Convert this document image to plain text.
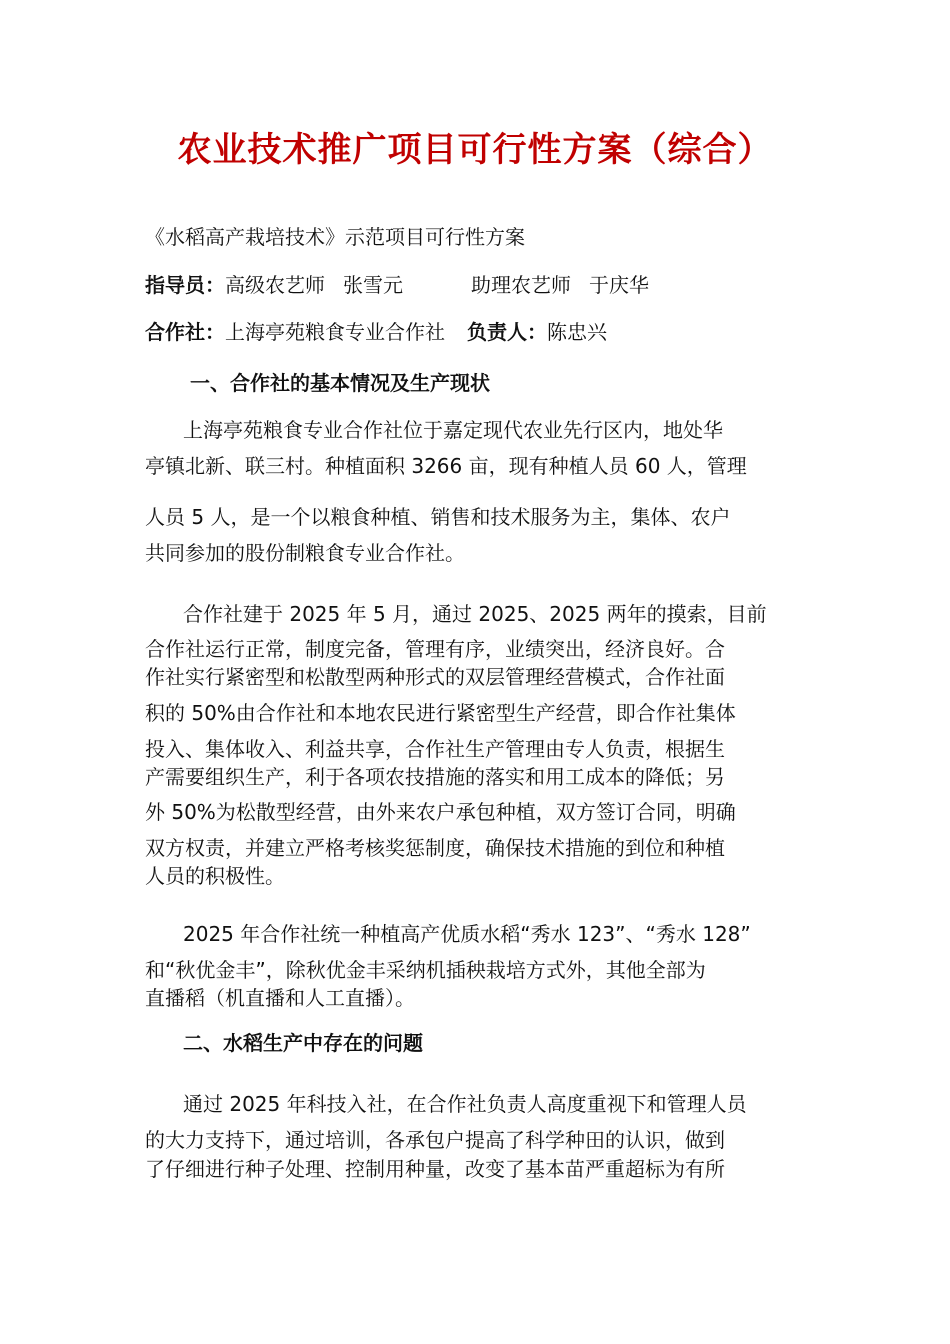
农业技术推广项目可行性方案（综合）

《水稻高产栽培技术》示范项目可行性方案

指导员：高级农艺师 张雪元	助理农艺师 于庆华

合作社：上海亭苑粮食专业合作社 负责人：陈忠兴

一、合作社的基本情况及生产现状

上海亭苑粮食专业合作社位于嘉定现代农业先行区内，地处华

亭镇北新、联三村。种植面积 3266 亩，现有种植人员 60 人，管理

人员 5 人，是一个以粮食种植、销售和技术服务为主，集体、农户

共同参加的股份制粮食专业合作社。

合作社建于 2025 年 5 月，通过 2025、2025 两年的摸索，目前

合作社运行正常，制度完备，管理有序，业绩突出，经济良好。合

作社实行紧密型和松散型两种形式的双层管理经营模式，合作社面

积的 50%由合作社和本地农民进行紧密型生产经营，即合作社集体

投入、集体收入、利益共享，合作社生产管理由专人负责，根据生

产需要组织生产，利于各项农技措施的落实和用工成本的降低；另

外 50%为松散型经营，由外来农户承包种植，双方签订合同，明确

双方权责，并建立严格考核奖惩制度，确保技术措施的到位和种植

人员的积极性。

2025 年合作社统一种植高产优质水稻“秀水 123”、“秀水 128”

和“秋优金丰”，除秋优金丰采纳机插秧栽培方式外，其他全部为

直播稻（机直播和人工直播）。

二、水稻生产中存在的问题

通过 2025 年科技入社，在合作社负责人高度重视下和管理人员

的大力支持下，通过培训，各承包户提高了科学种田的认识，做到

了仔细进行种子处理、控制用种量，改变了基本苗严重超标为有所
